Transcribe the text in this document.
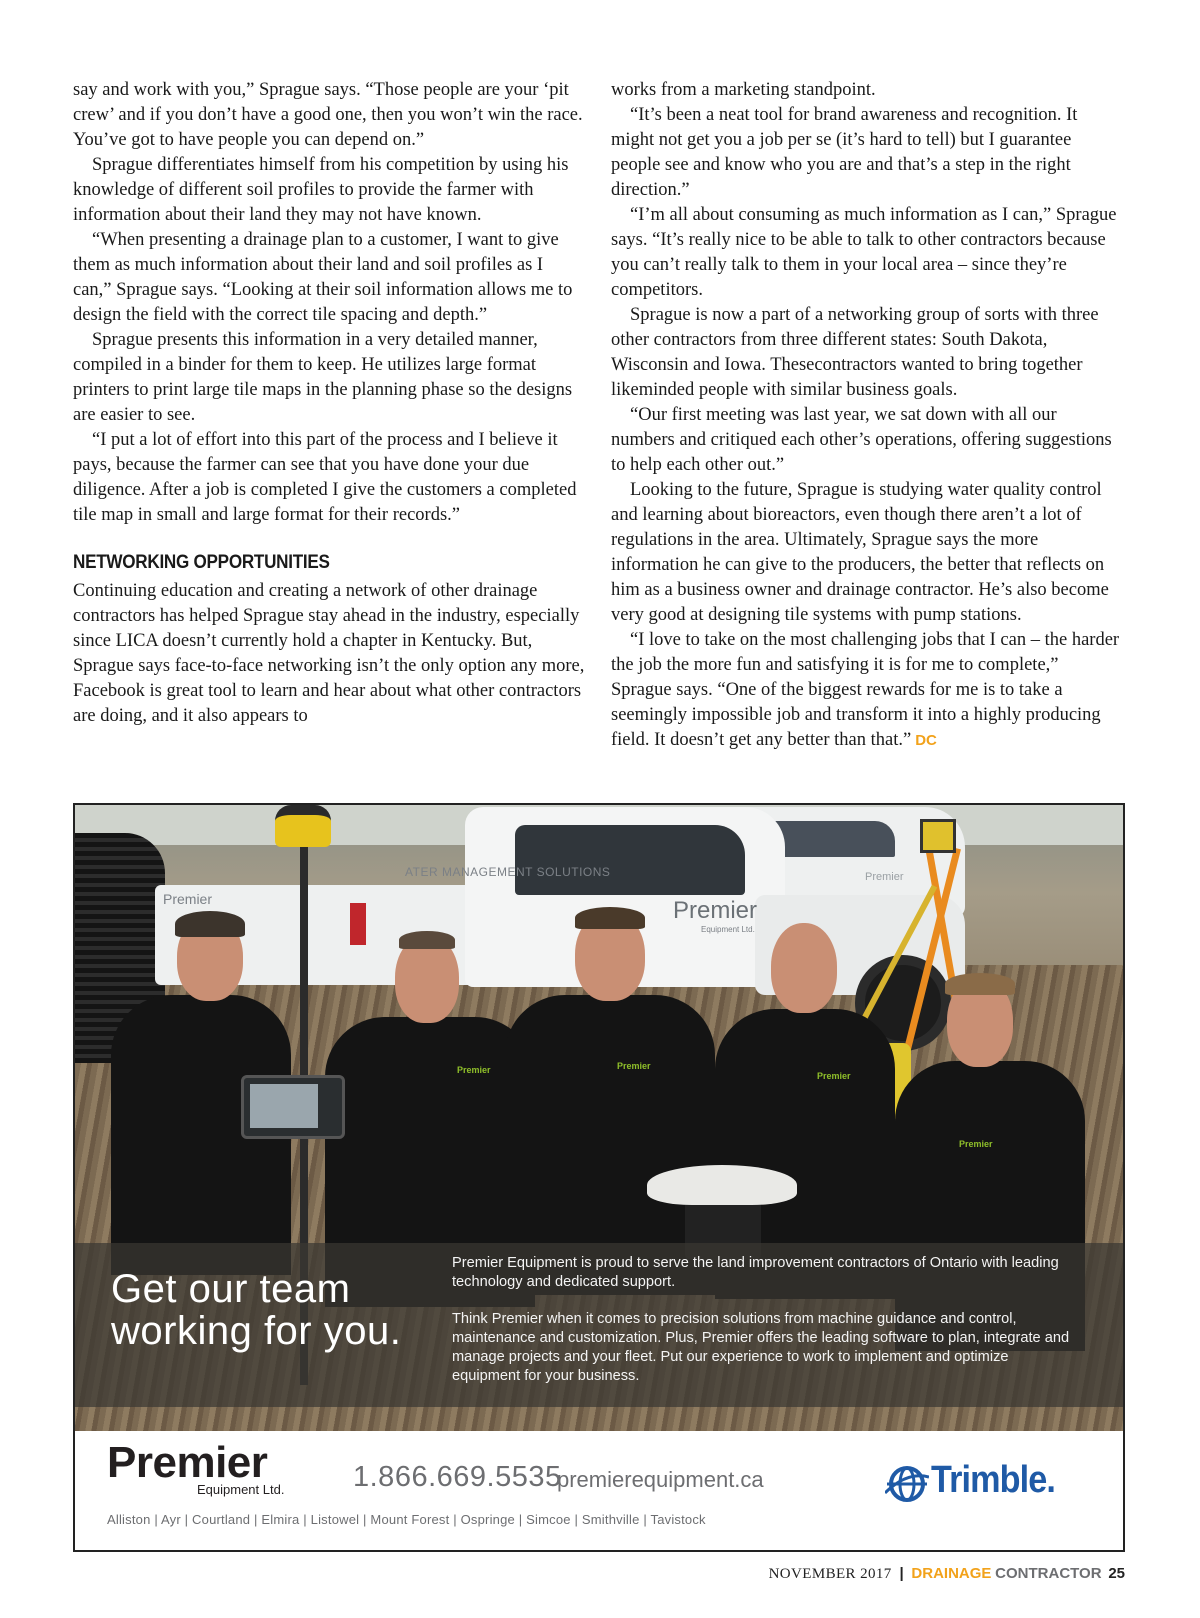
say and work with you,” Sprague says. “Those people are your ‘pit crew’ and if you don’t have a good one, then you won’t win the race. You’ve got to have people you can depend on.”

Sprague differentiates himself from his competition by using his knowledge of different soil profiles to provide the farmer with information about their land they may not have known.

“When presenting a drainage plan to a customer, I want to give them as much information about their land and soil profiles as I can,” Sprague says. “Looking at their soil information allows me to design the field with the correct tile spacing and depth.”

Sprague presents this information in a very detailed manner, compiled in a binder for them to keep. He utilizes large format printers to print large tile maps in the planning phase so the designs are easier to see.

“I put a lot of effort into this part of the process and I believe it pays, because the farmer can see that you have done your due diligence. After a job is completed I give the customers a completed tile map in small and large format for their records.”

NETWORKING OPPORTUNITIES

Continuing education and creating a network of other drainage contractors has helped Sprague stay ahead in the industry, especially since LICA doesn’t currently hold a chapter in Kentucky. But, Sprague says face-to-face networking isn’t the only option any more, Facebook is great tool to learn and hear about what other contractors are doing, and it also appears to

works from a marketing standpoint.

“It’s been a neat tool for brand awareness and recognition. It might not get you a job per se (it’s hard to tell) but I guarantee people see and know who you are and that’s a step in the right direction.”

“I’m all about consuming as much information as I can,” Sprague says. “It’s really nice to be able to talk to other contractors because you can’t really talk to them in your local area – since they’re competitors.

Sprague is now a part of a networking group of sorts with three other contractors from three different states: South Dakota, Wisconsin and Iowa. Thesecontractors wanted to bring together likeminded people with similar business goals.

“Our first meeting was last year, we sat down with all our numbers and critiqued each other’s operations, offering suggestions to help each other out.”

Looking to the future, Sprague is studying water quality control and learning about bioreactors, even though there aren’t a lot of regulations in the area. Ultimately, Sprague says the more information he can give to the producers, the better that reflects on him as a business owner and drainage contractor. He’s also become very good at designing tile systems with pump stations.

“I love to take on the most challenging jobs that I can – the harder the job the more fun and satisfying it is for me to complete,” Sprague says. “One of the biggest rewards for me is to take a seemingly impossible job and transform it into a highly producing field. It doesn’t get any better than that.” DC

Premier
Premier
ATER MANAGEMENT SOLUTIONS
Premier
Equipment Ltd.
Premier	Premier
Premier
Premier
Get our team
working for you.

Premier Equipment is proud to serve the land improvement contractors of Ontario with leading technology and dedicated support.

Think Premier when it comes to precision solutions from machine guidance and control, maintenance and customization. Plus, Premier offers the leading software to plan, integrate and manage projects and your fleet. Put our experience to work to implement and optimize equipment for your business.

Premier
Equipment Ltd. 1.866.669.5535
premierequipment.ca
Alliston | Ayr | Courtland | Elmira | Listowel | Mount Forest | Ospringe | Simcoe | Smithville | Tavistock
Trimble.
NOVEMBER 2017 | DRAINAGE CONTRACTOR 25
